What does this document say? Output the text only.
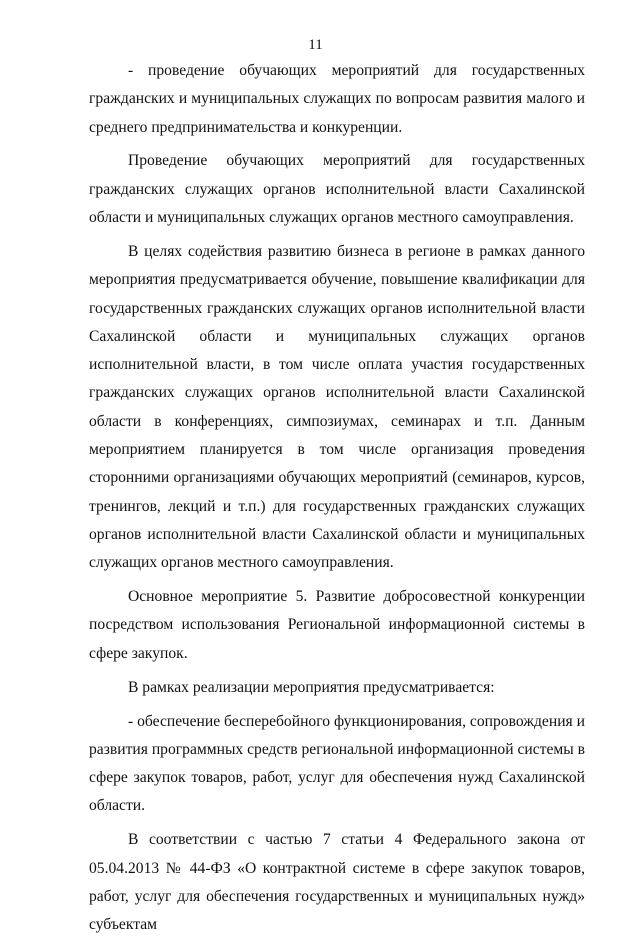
11

- проведение обучающих мероприятий для государственных гражданских и муниципальных служащих по вопросам развития малого и среднего предпринимательства и конкуренции.

Проведение обучающих мероприятий для государственных гражданских служащих органов исполнительной власти Сахалинской области и муниципальных служащих органов местного самоуправления.

В целях содействия развитию бизнеса в регионе в рамках данного мероприятия предусматривается обучение, повышение квалификации для государственных гражданских служащих органов исполнительной власти Сахалинской области и муниципальных служащих органов исполнительной власти, в том числе оплата участия государственных гражданских служащих органов исполнительной власти Сахалинской области в конференциях, симпозиумах, семинарах и т.п. Данным мероприятием планируется в том числе организация проведения сторонними организациями обучающих мероприятий (семинаров, курсов, тренингов, лекций и т.п.) для государственных гражданских служащих органов исполнительной власти Сахалинской области и муниципальных служащих органов местного самоуправления.

Основное мероприятие 5. Развитие добросовестной конкуренции посредством использования Региональной информационной системы в сфере закупок.

В рамках реализации мероприятия предусматривается:

- обеспечение бесперебойного функционирования, сопровождения и развития программных средств региональной информационной системы в сфере закупок товаров, работ, услуг для обеспечения нужд Сахалинской области.

В соответствии с частью 7 статьи 4 Федерального закона от 05.04.2013 № 44-ФЗ «О контрактной системе в сфере закупок товаров, работ, услуг для обеспечения государственных и муниципальных нужд» субъектам
